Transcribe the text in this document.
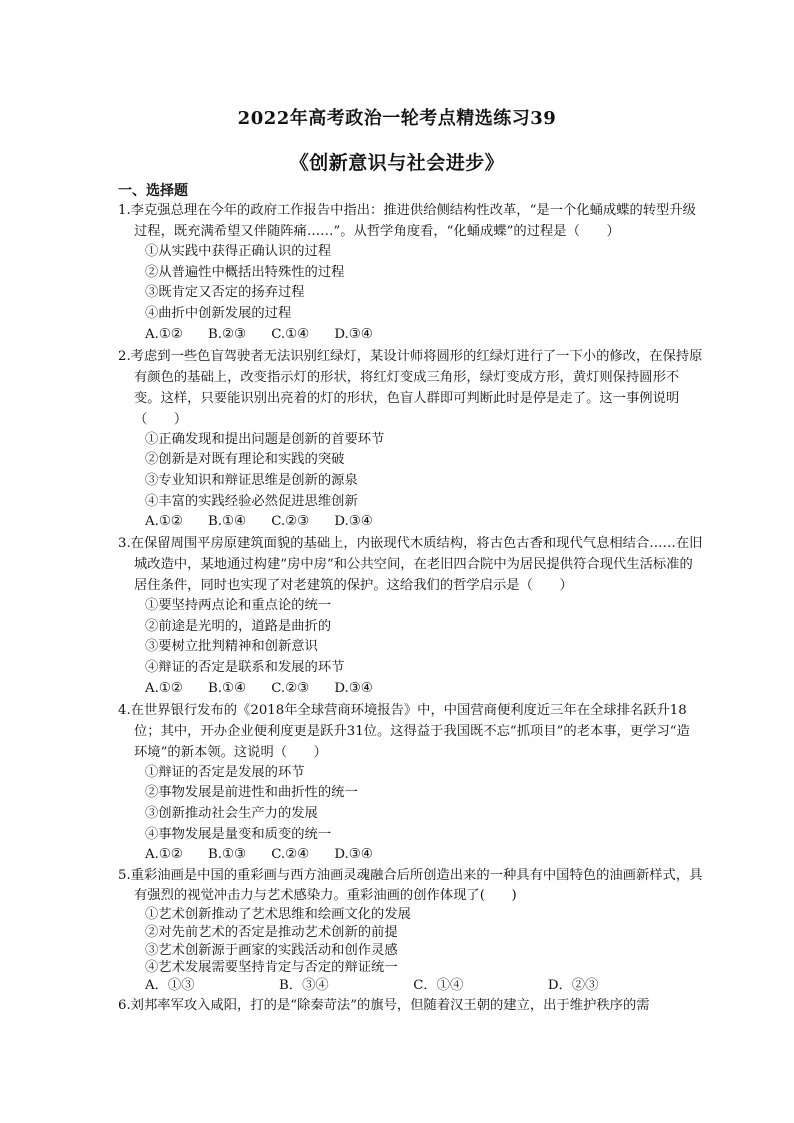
2022年高考政治一轮考点精选练习39
《创新意识与社会进步》
一、选择题

1.李克强总理在今年的政府工作报告中指出：推进供给侧结构性改革，“是一个化蛹成蝶的转型升级过程，既充满希望又伴随阵痛……”。从哲学角度看，“化蛹成蝶”的过程是（　　）

①从实践中获得正确认识的过程

②从普遍性中概括出特殊性的过程

③既肯定又否定的扬弃过程

④曲折中创新发展的过程

A.①②      B.②③      C.①④      D.③④

2.考虑到一些色盲驾驶者无法识别红绿灯，某设计师将圆形的红绿灯进行了一下小的修改，在保持原有颜色的基础上，改变指示灯的形状，将红灯变成三角形，绿灯变成方形，黄灯则保持圆形不变。这样，只要能识别出亮着的灯的形状，色盲人群即可判断此时是停是走了。这一事例说明（　　）

①正确发现和提出问题是创新的首要环节

②创新是对既有理论和实践的突破

③专业知识和辩证思维是创新的源泉

④丰富的实践经验必然促进思维创新

A.①②      B.①④      C.②③      D.③④

3.在保留周围平房原建筑面貌的基础上，内嵌现代木质结构，将古色古香和现代气息相结合……在旧城改造中，某地通过构建“房中房”和公共空间，在老旧四合院中为居民提供符合现代生活标准的居住条件，同时也实现了对老建筑的保护。这给我们的哲学启示是（　　）

①要坚持两点论和重点论的统一

②前途是光明的，道路是曲折的

③要树立批判精神和创新意识

④辩证的否定是联系和发展的环节

A.①②      B.①④      C.②③      D.③④

4.在世界银行发布的《2018年全球营商环境报告》中，中国营商便利度近三年在全球排名跃升18位；其中，开办企业便利度更是跃升31位。这得益于我国既不忘“抓项目”的老本事，更学习“造环境”的新本领。这说明（　　）

①辩证的否定是发展的环节

②事物发展是前进性和曲折性的统一

③创新推动社会生产力的发展

④事物发展是量变和质变的统一

A.①②      B.①③      C.②④      D.③④

5.重彩油画是中国的重彩画与西方油画灵魂融合后所创造出来的一种具有中国特色的油画新样式，具有强烈的视觉冲击力与艺术感染力。重彩油画的创作体现了(　　)

①艺术创新推动了艺术思维和绘画文化的发展

②对先前艺术的否定是推动艺术创新的前提

③艺术创新源于画家的实践活动和创作灵感

④艺术发展需要坚持肯定与否定的辩证统一

A．①③                    B．③④                    C．①④                    D．②③

6.刘邦率军攻入咸阳，打的是“除秦苛法”的旗号，但随着汉王朝的建立，出于维护秩序的需
